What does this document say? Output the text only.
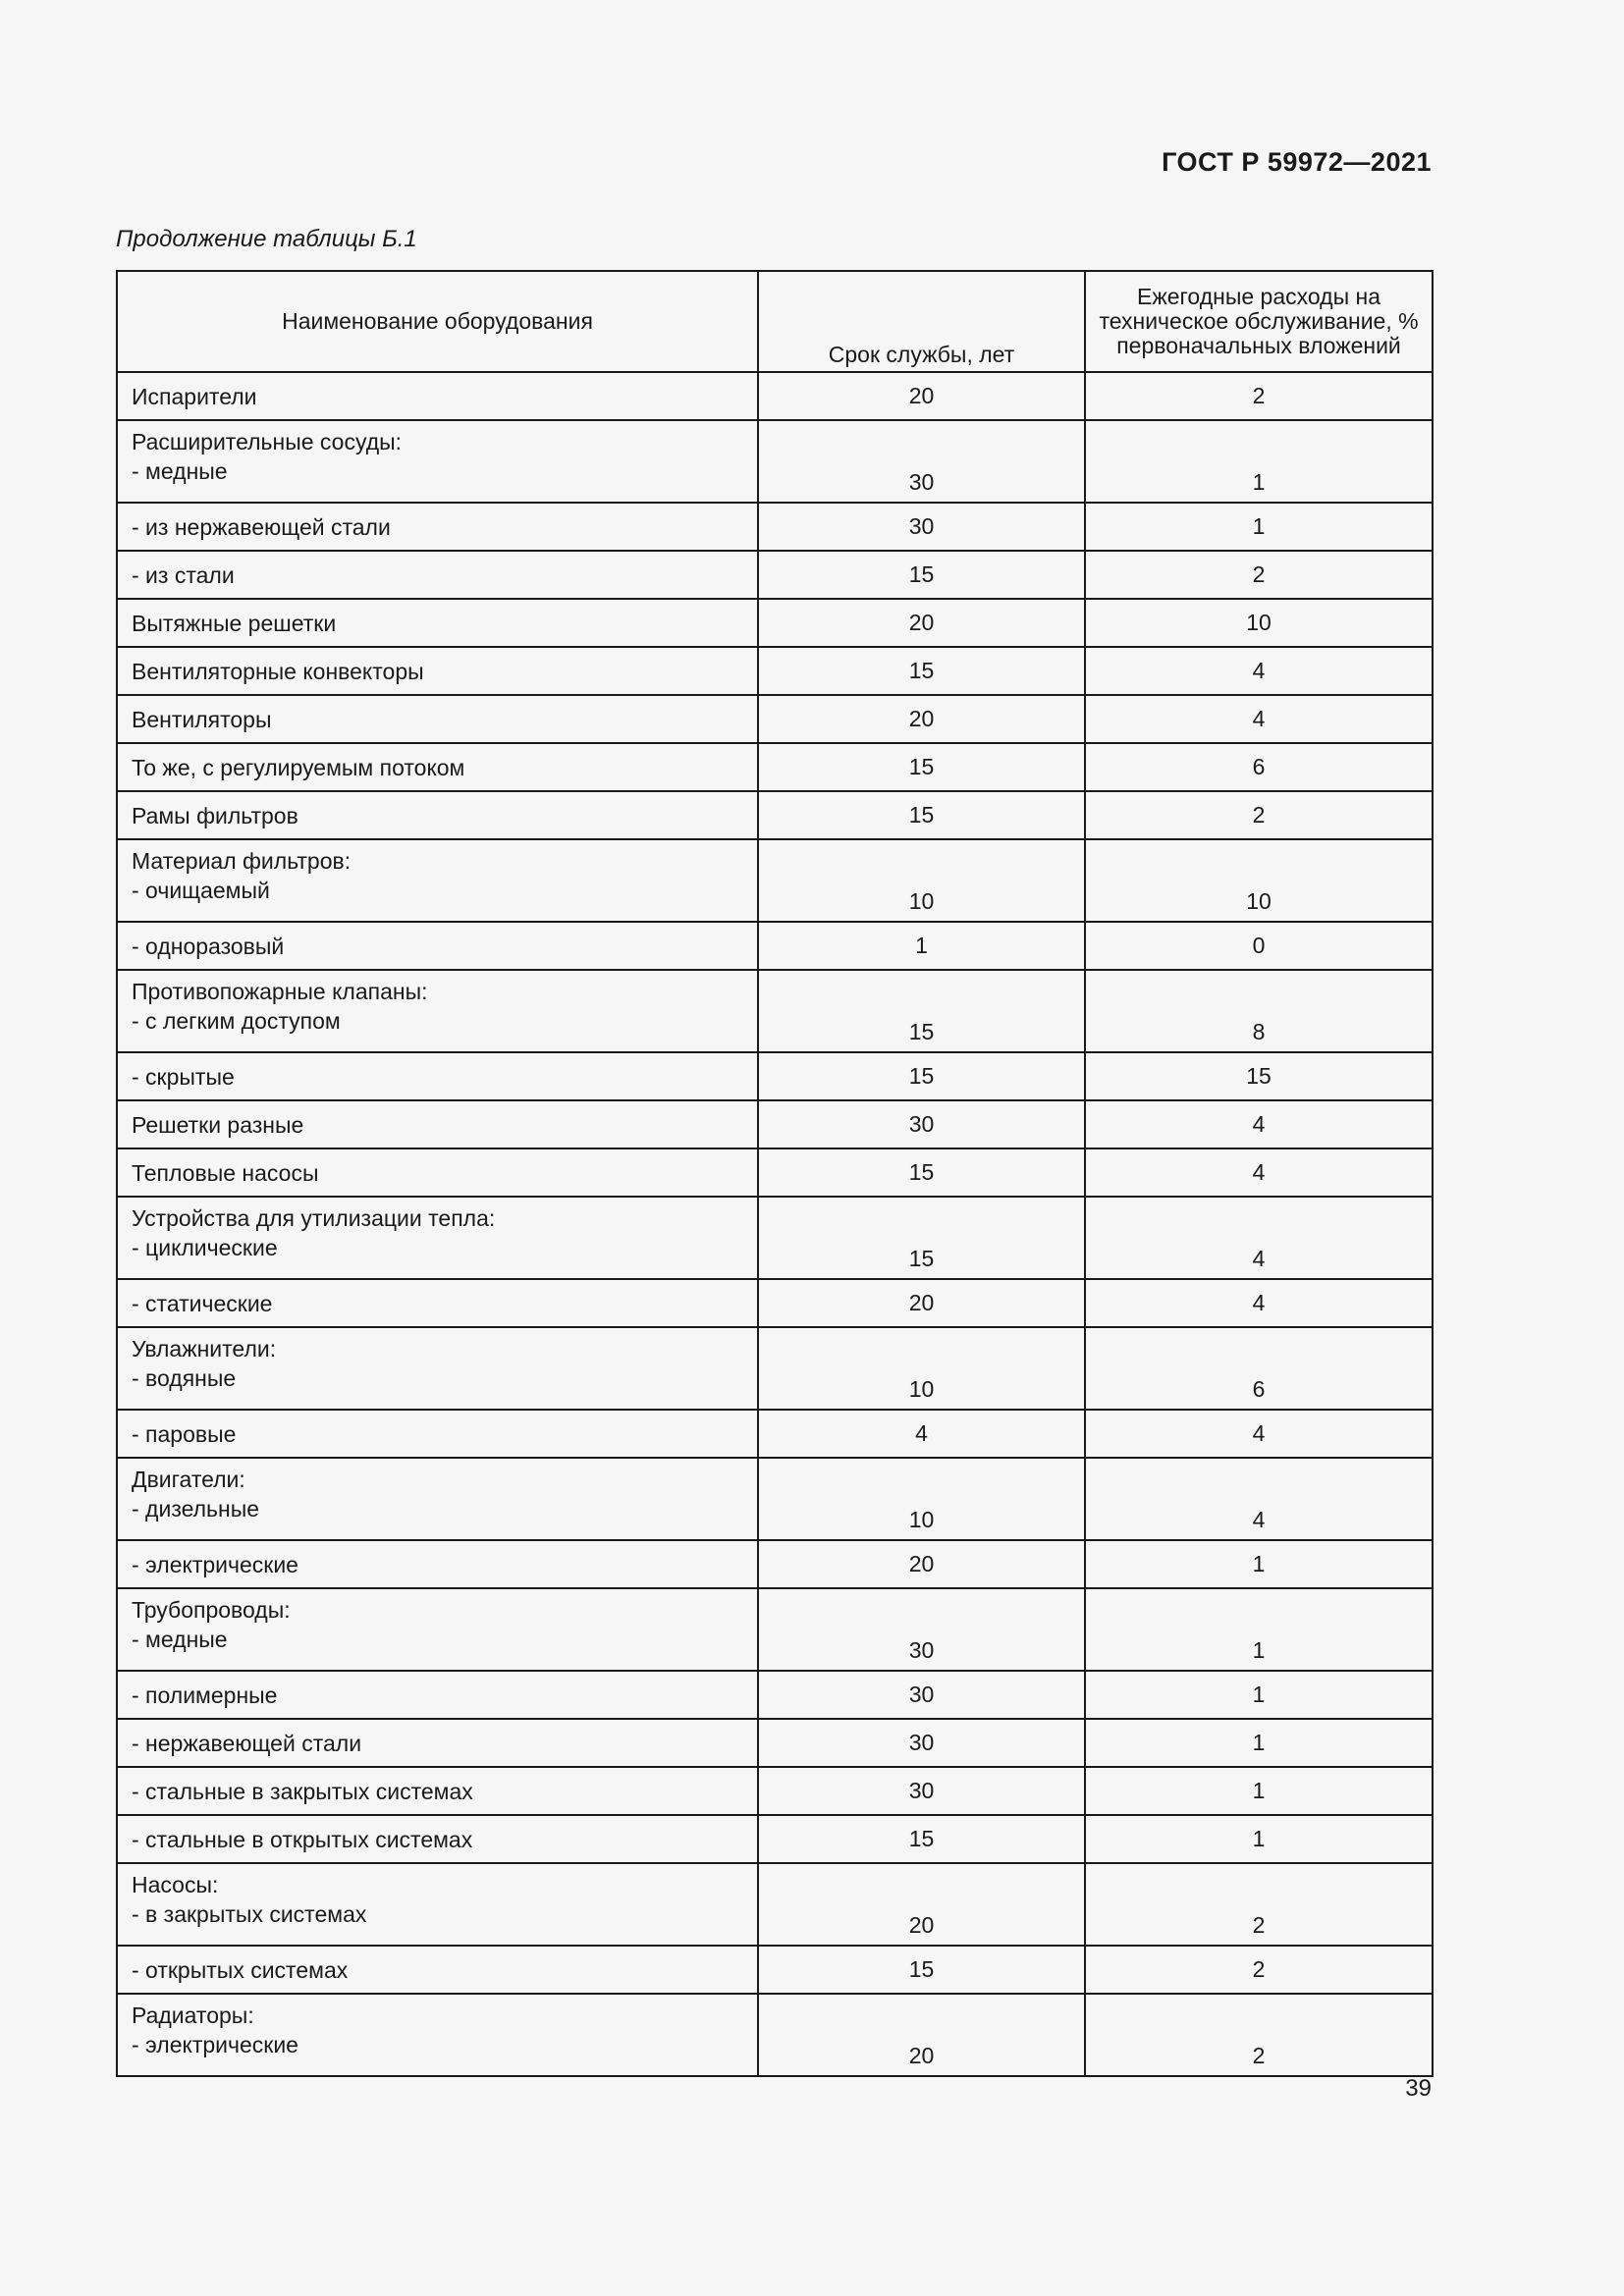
ГОСТ Р 59972—2021
Продолжение таблицы Б.1
Наименование оборудования	Срок службы, лет	Ежегодные расходы на техническое обслуживание, % первоначальных вложений

Испарители	20	2

Расширительные сосуды:
- медные	30	1

- из нержавеющей стали	30	1

- из стали	15	2

Вытяжные решетки	20	10

Вентиляторные конвекторы	15	4

Вентиляторы	20	4

То же, с регулируемым потоком	15	6

Рамы фильтров	15	2

Материал фильтров:
- очищаемый	10	10

- одноразовый	1	0

Противопожарные клапаны:
- с легким доступом	15	8

- скрытые	15	15

Решетки разные	30	4

Тепловые насосы	15	4

Устройства для утилизации тепла:
- циклические	15	4

- статические	20	4

Увлажнители:
- водяные	10	6

- паровые	4	4

Двигатели:
- дизельные	10	4

- электрические	20	1

Трубопроводы:
- медные	30	1

- полимерные	30	1

- нержавеющей стали	30	1

- стальные в закрытых системах	30	1

- стальные в открытых системах	15	1

Насосы:
- в закрытых системах	20	2

- открытых системах	15	2

Радиаторы:
- электрические	20	2
39
